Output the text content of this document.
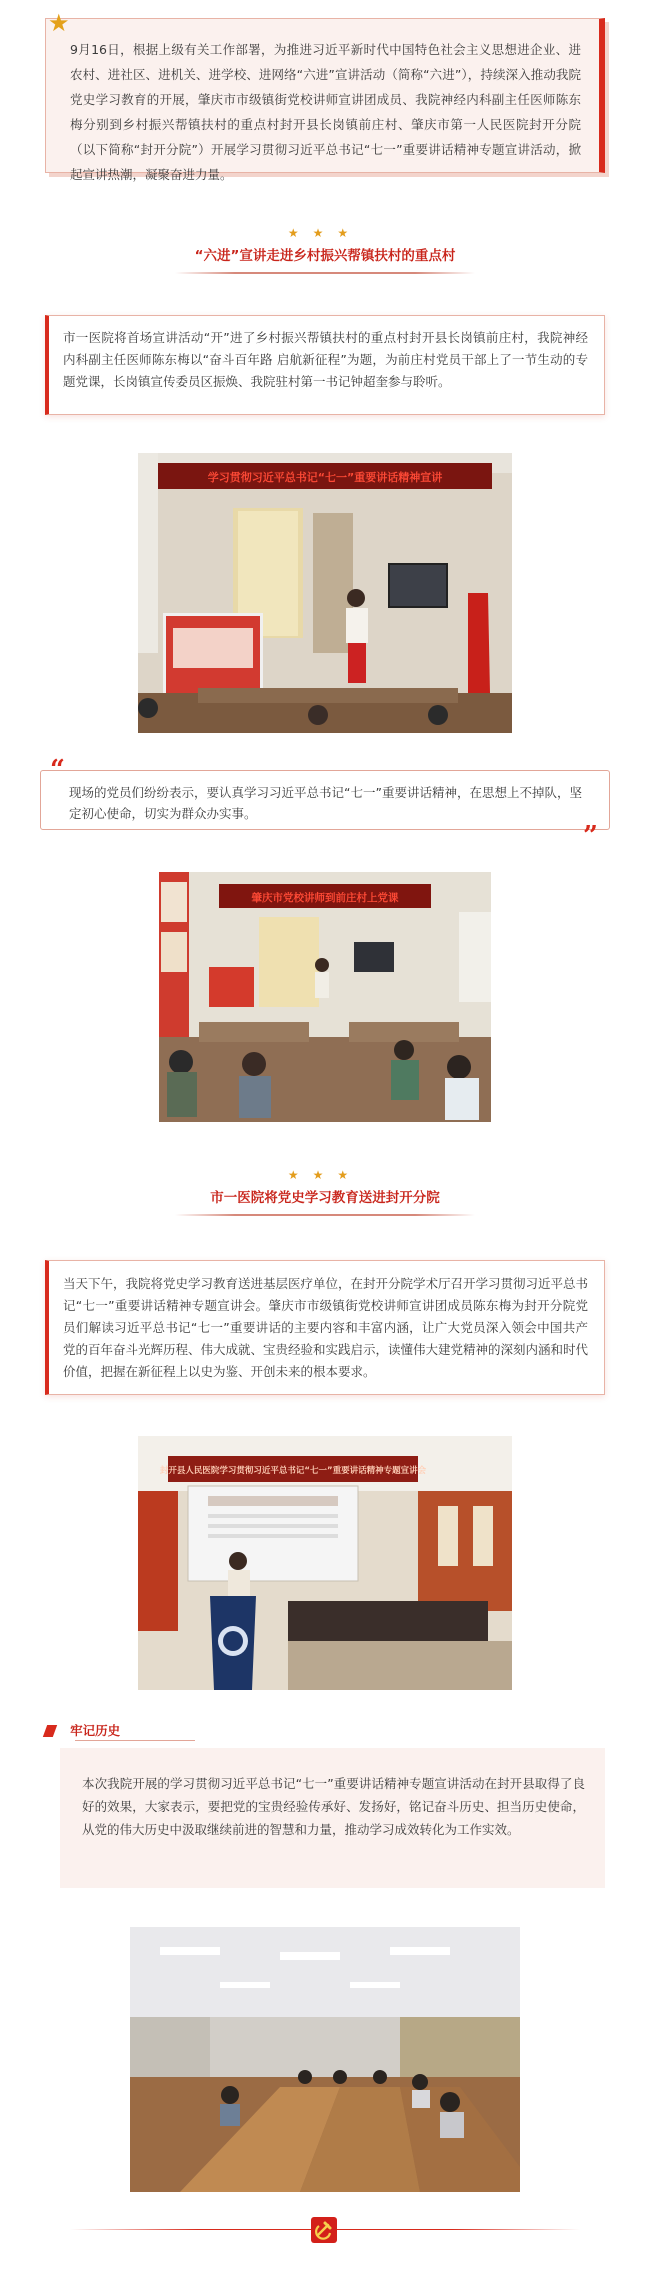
9月16日，根据上级有关工作部署，为推进习近平新时代中国特色社会主义思想进企业、进农村、进社区、进机关、进学校、进网络“六进”宣讲活动（简称“六进”），持续深入推动我院党史学习教育的开展，肇庆市市级镇街党校讲师宣讲团成员、我院神经内科副主任医师陈东梅分别到乡村振兴帮镇扶村的重点村封开县长岗镇前庄村、肇庆市第一人民医院封开分院（以下简称“封开分院”）开展学习贯彻习近平总书记“七一”重要讲话精神专题宣讲活动，掀起宣讲热潮，凝聚奋进力量。

★
★★★
“六进”宣讲走进乡村振兴帮镇扶村的重点村

市一医院将首场宣讲活动“开”进了乡村振兴帮镇扶村的重点村封开县长岗镇前庄村，我院神经内科副主任医师陈东梅以“奋斗百年路 启航新征程”为题，为前庄村党员干部上了一节生动的专题党课，长岗镇宣传委员区振焕、我院驻村第一书记钟超奎参与聆听。

学习贯彻习近平总书记“七一”重要讲话精神宣讲

现场的党员们纷纷表示，要认真学习习近平总书记“七一”重要讲话精神，在思想上不掉队，坚定初心使命，切实为群众办实事。

“
”
肇庆市党校讲师到前庄村上党课
★★★
市一医院将党史学习教育送进封开分院

当天下午，我院将党史学习教育送进基层医疗单位，在封开分院学术厅召开学习贯彻习近平总书记“七一”重要讲话精神专题宣讲会。肇庆市市级镇街党校讲师宣讲团成员陈东梅为封开分院党员们解读习近平总书记“七一”重要讲话的主要内容和丰富内涵，让广大党员深入领会中国共产党的百年奋斗光辉历程、伟大成就、宝贵经验和实践启示，读懂伟大建党精神的深刻内涵和时代价值，把握在新征程上以史为鉴、开创未来的根本要求。

封开县人民医院学习贯彻习近平总书记“七一”重要讲话精神专题宣讲会
牢记历史

本次我院开展的学习贯彻习近平总书记“七一”重要讲话精神专题宣讲活动在封开县取得了良好的效果，大家表示，要把党的宝贵经验传承好、发扬好，铭记奋斗历史、担当历史使命，从党的伟大历史中汲取继续前进的智慧和力量，推动学习成效转化为工作实效。
